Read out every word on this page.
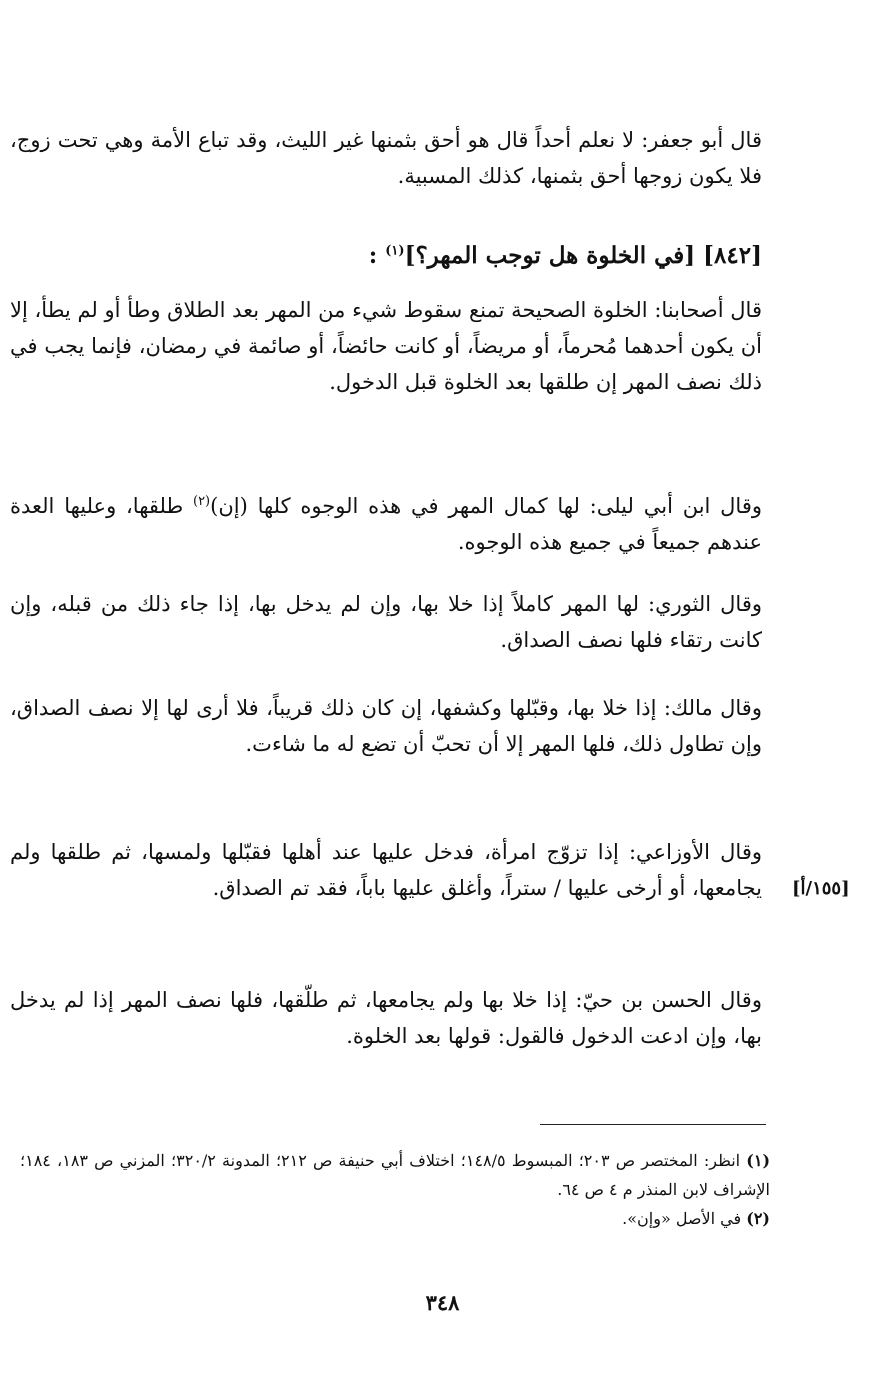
قال أبو جعفر: لا نعلم أحداً قال هو أحق بثمنها غير الليث، وقد تباع الأمة وهي تحت زوج، فلا يكون زوجها أحق بثمنها، كذلك المسبية.

[٨٤٢] [في الخلوة هل توجب المهر؟]$^{(١)}$ :

قال أصحابنا: الخلوة الصحيحة تمنع سقوط شيء من المهر بعد الطلاق وطأ أو لم يطأ، إلا أن يكون أحدهما مُحرماً، أو مريضاً، أو كانت حائضاً، أو صائمة في رمضان، فإنما يجب في ذلك نصف المهر إن طلقها بعد الخلوة قبل الدخول.

وقال ابن أبي ليلى: لها كمال المهر في هذه الوجوه كلها (إن)$^{(٢)}$ طلقها، وعليها العدة عندهم جميعاً في جميع هذه الوجوه.

وقال الثوري: لها المهر كاملاً إذا خلا بها، وإن لم يدخل بها، إذا جاء ذلك من قبله، وإن كانت رتقاء فلها نصف الصداق.

وقال مالك: إذا خلا بها، وقبّلها وكشفها، إن كان ذلك قريباً، فلا أرى لها إلا نصف الصداق، وإن تطاول ذلك، فلها المهر إلا أن تحبّ أن تضع له ما شاءت.

وقال الأوزاعي: إذا تزوّج امرأة، فدخل عليها عند أهلها فقبّلها ولمسها، ثم طلقها ولم يجامعها، أو أرخى عليها / ستراً، وأغلق عليها باباً، فقد تم الصداق. [١٥٥/أ]

وقال الحسن بن حيّ: إذا خلا بها ولم يجامعها، ثم طلّقها، فلها نصف المهر إذا لم يدخل بها، وإن ادعت الدخول فالقول: قولها بعد الخلوة.

(١) انظر: المختصر ص ٢٠٣؛ المبسوط ١٤٨/٥؛ اختلاف أبي حنيفة ص ٢١٢؛ المدونة ٣٢٠/٢؛ المزني ص ١٨٣، ١٨٤؛ الإشراف لابن المنذر م ٤ ص ٦٤.

(٢) في الأصل «وإن».

٣٤٨
